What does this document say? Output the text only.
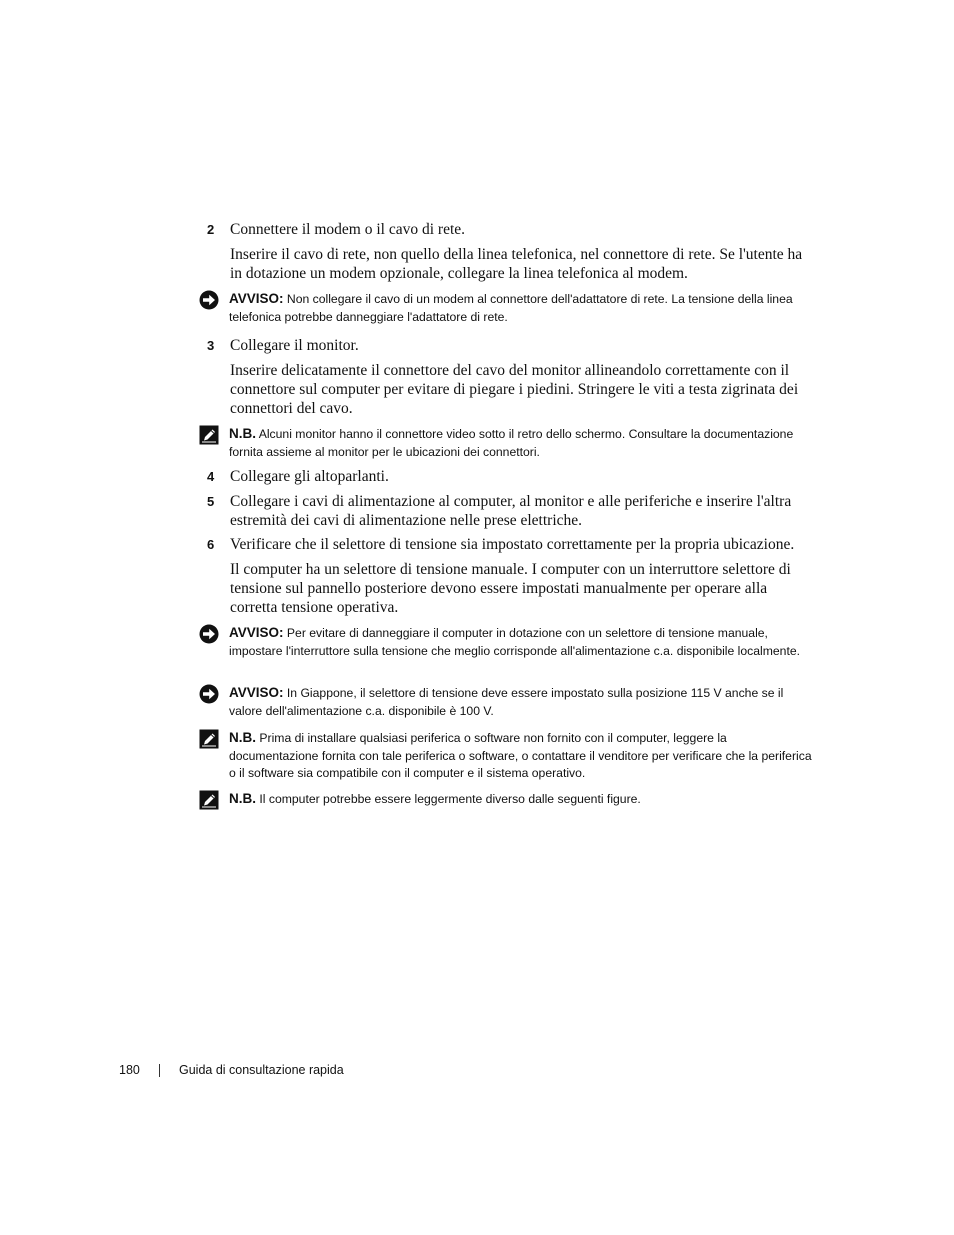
2 Connettere il modem o il cavo di rete.
Inserire il cavo di rete, non quello della linea telefonica, nel connettore di rete. Se l'utente ha in dotazione un modem opzionale, collegare la linea telefonica al modem.
AVVISO: Non collegare il cavo di un modem al connettore dell'adattatore di rete. La tensione della linea telefonica potrebbe danneggiare l'adattatore di rete.
3 Collegare il monitor.
Inserire delicatamente il connettore del cavo del monitor allineandolo correttamente con il connettore sul computer per evitare di piegare i piedini. Stringere le viti a testa zigrinata dei connettori del cavo.
N.B. Alcuni monitor hanno il connettore video sotto il retro dello schermo. Consultare la documentazione fornita assieme al monitor per le ubicazioni dei connettori.
4 Collegare gli altoparlanti.
5 Collegare i cavi di alimentazione al computer, al monitor e alle periferiche e inserire l'altra estremità dei cavi di alimentazione nelle prese elettriche.
6 Verificare che il selettore di tensione sia impostato correttamente per la propria ubicazione.
Il computer ha un selettore di tensione manuale. I computer con un interruttore selettore di tensione sul pannello posteriore devono essere impostati manualmente per operare alla corretta tensione operativa.
AVVISO: Per evitare di danneggiare il computer in dotazione con un selettore di tensione manuale, impostare l'interruttore sulla tensione che meglio corrisponde all'alimentazione c.a. disponibile localmente.
AVVISO: In Giappone, il selettore di tensione deve essere impostato sulla posizione 115 V anche se il valore dell'alimentazione c.a. disponibile è 100 V.
N.B. Prima di installare qualsiasi periferica o software non fornito con il computer, leggere la documentazione fornita con tale periferica o software, o contattare il venditore per verificare che la periferica o il software sia compatibile con il computer e il sistema operativo.
N.B. Il computer potrebbe essere leggermente diverso dalle seguenti figure.
180	Guida di consultazione rapida
